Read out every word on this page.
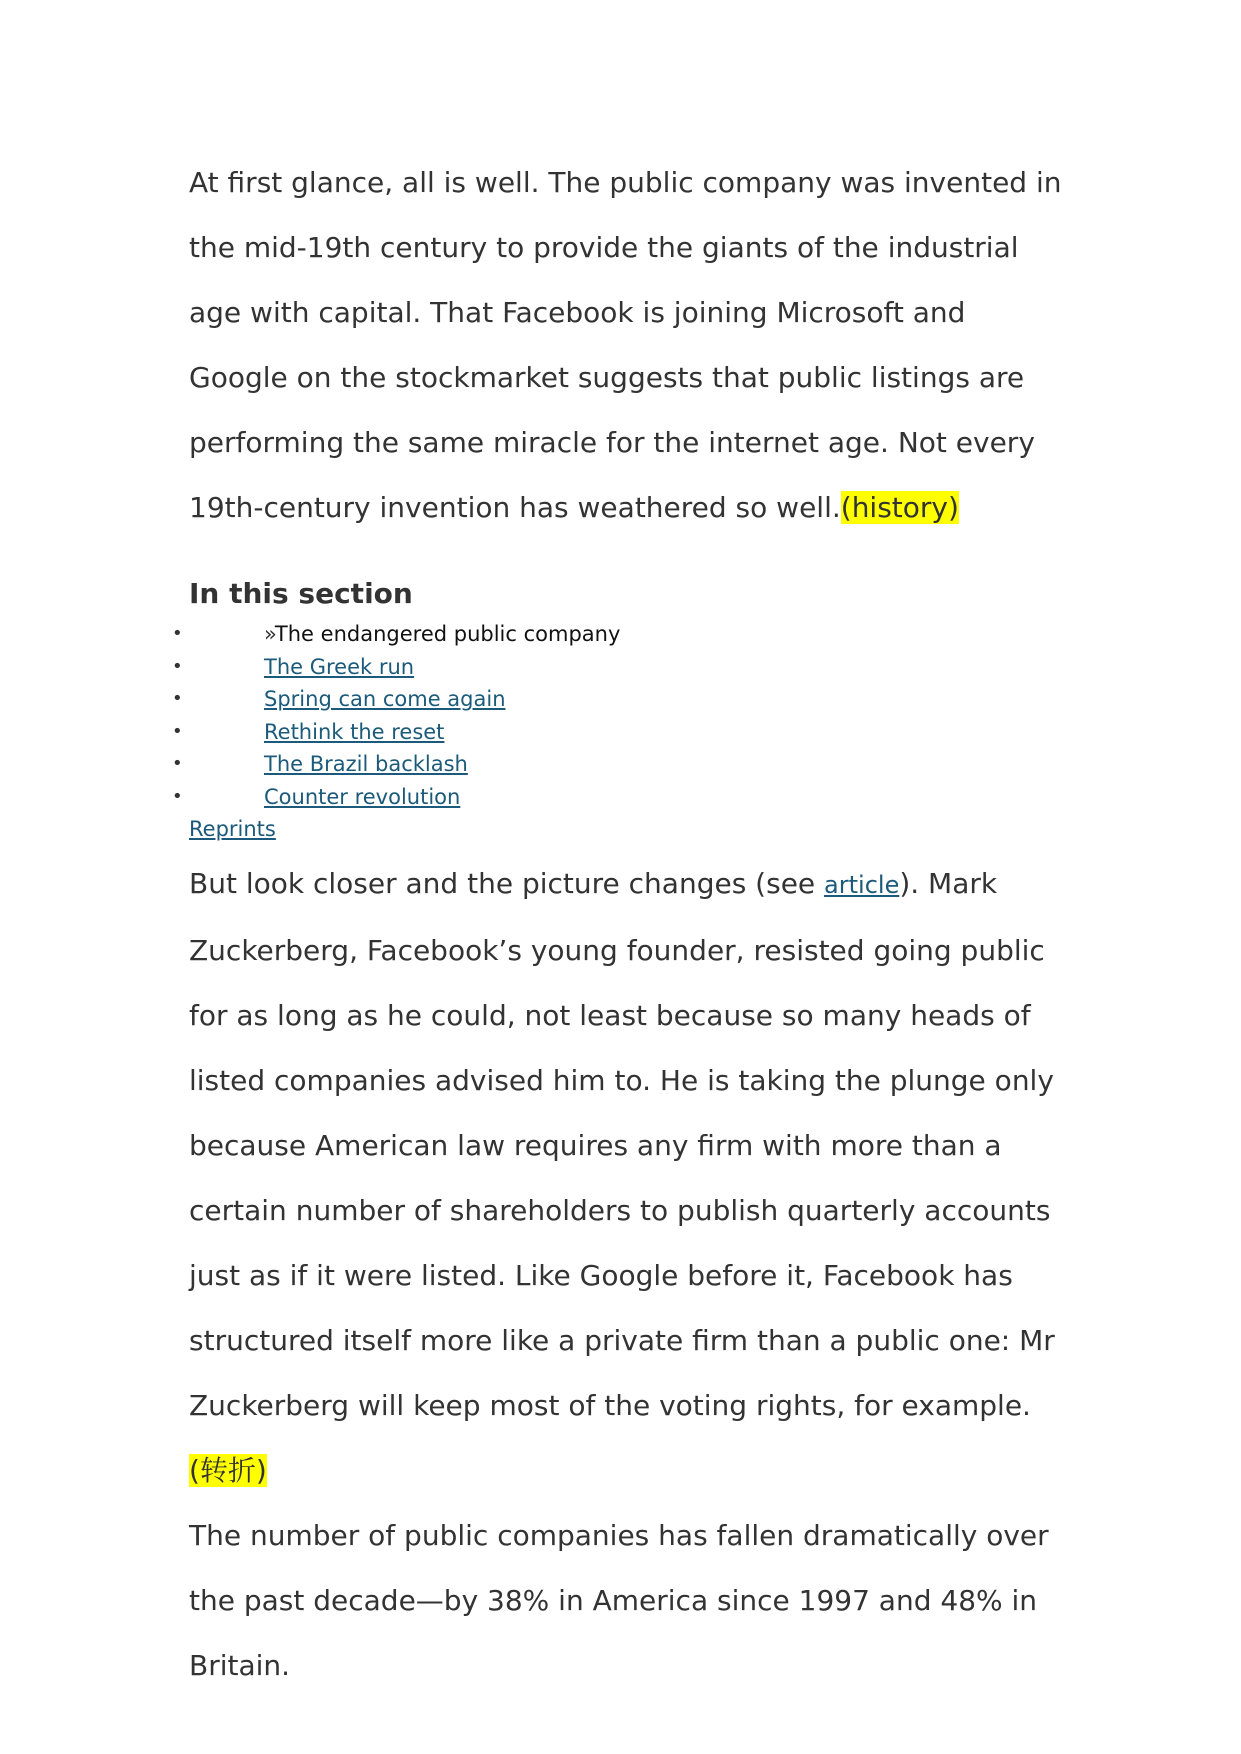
At first glance, all is well. The public company was invented in the mid-19th century to provide the giants of the industrial age with capital. That Facebook is joining Microsoft and Google on the stockmarket suggests that public listings are performing the same miracle for the internet age. Not every 19th-century invention has weathered so well.(history)

In this section
• »The endangered public company
• The Greek run
• Spring can come again
• Rethink the reset
• The Brazil backlash
• Counter revolution
Reprints

But look closer and the picture changes (see article). Mark Zuckerberg, Facebook’s young founder, resisted going public for as long as he could, not least because so many heads of listed companies advised him to. He is taking the plunge only because American law requires any firm with more than a certain number of shareholders to publish quarterly accounts just as if it were listed. Like Google before it, Facebook has structured itself more like a private firm than a public one: Mr Zuckerberg will keep most of the voting rights, for example.(转折)

The number of public companies has fallen dramatically over the past decade—by 38% in America since 1997 and 48% in Britain.
